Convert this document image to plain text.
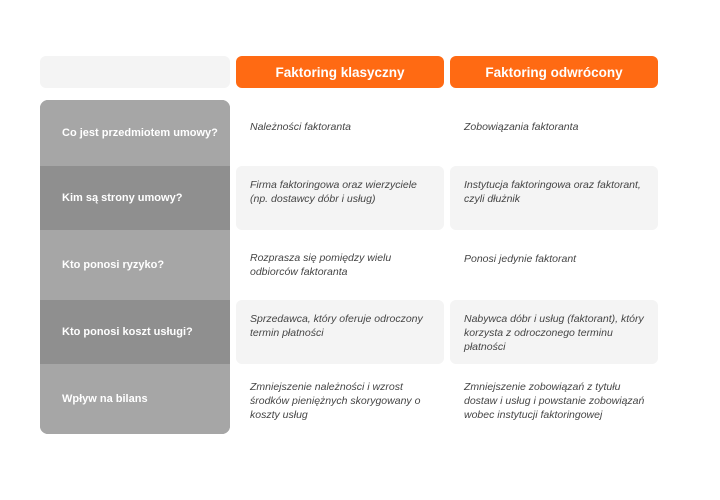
Faktoring klasyczny	Faktoring odwrócony
Co jest przedmiotem umowy?
Kim są strony umowy?
Kto ponosi ryzyko?
Kto ponosi koszt usługi?
Wpływ na bilans
Należności faktoranta	Zobowiązania faktoranta
Firma faktoringowa oraz wierzyciele (np. dostawcy dóbr i usług)
Instytucja faktoringowa oraz faktorant, czyli dłużnik
Rozprasza się pomiędzy wielu odbiorców faktoranta
Ponosi jedynie faktorant
Sprzedawca, który oferuje odroczony termin płatności
Nabywca dóbr i usług (faktorant), który korzysta z odroczonego terminu płatności
Zmniejszenie należności i wzrost środków pieniężnych skorygowany o koszty usług
Zmniejszenie zobowiązań z tytułu dostaw i usług i powstanie zobowiązań wobec instytucji faktoringowej
